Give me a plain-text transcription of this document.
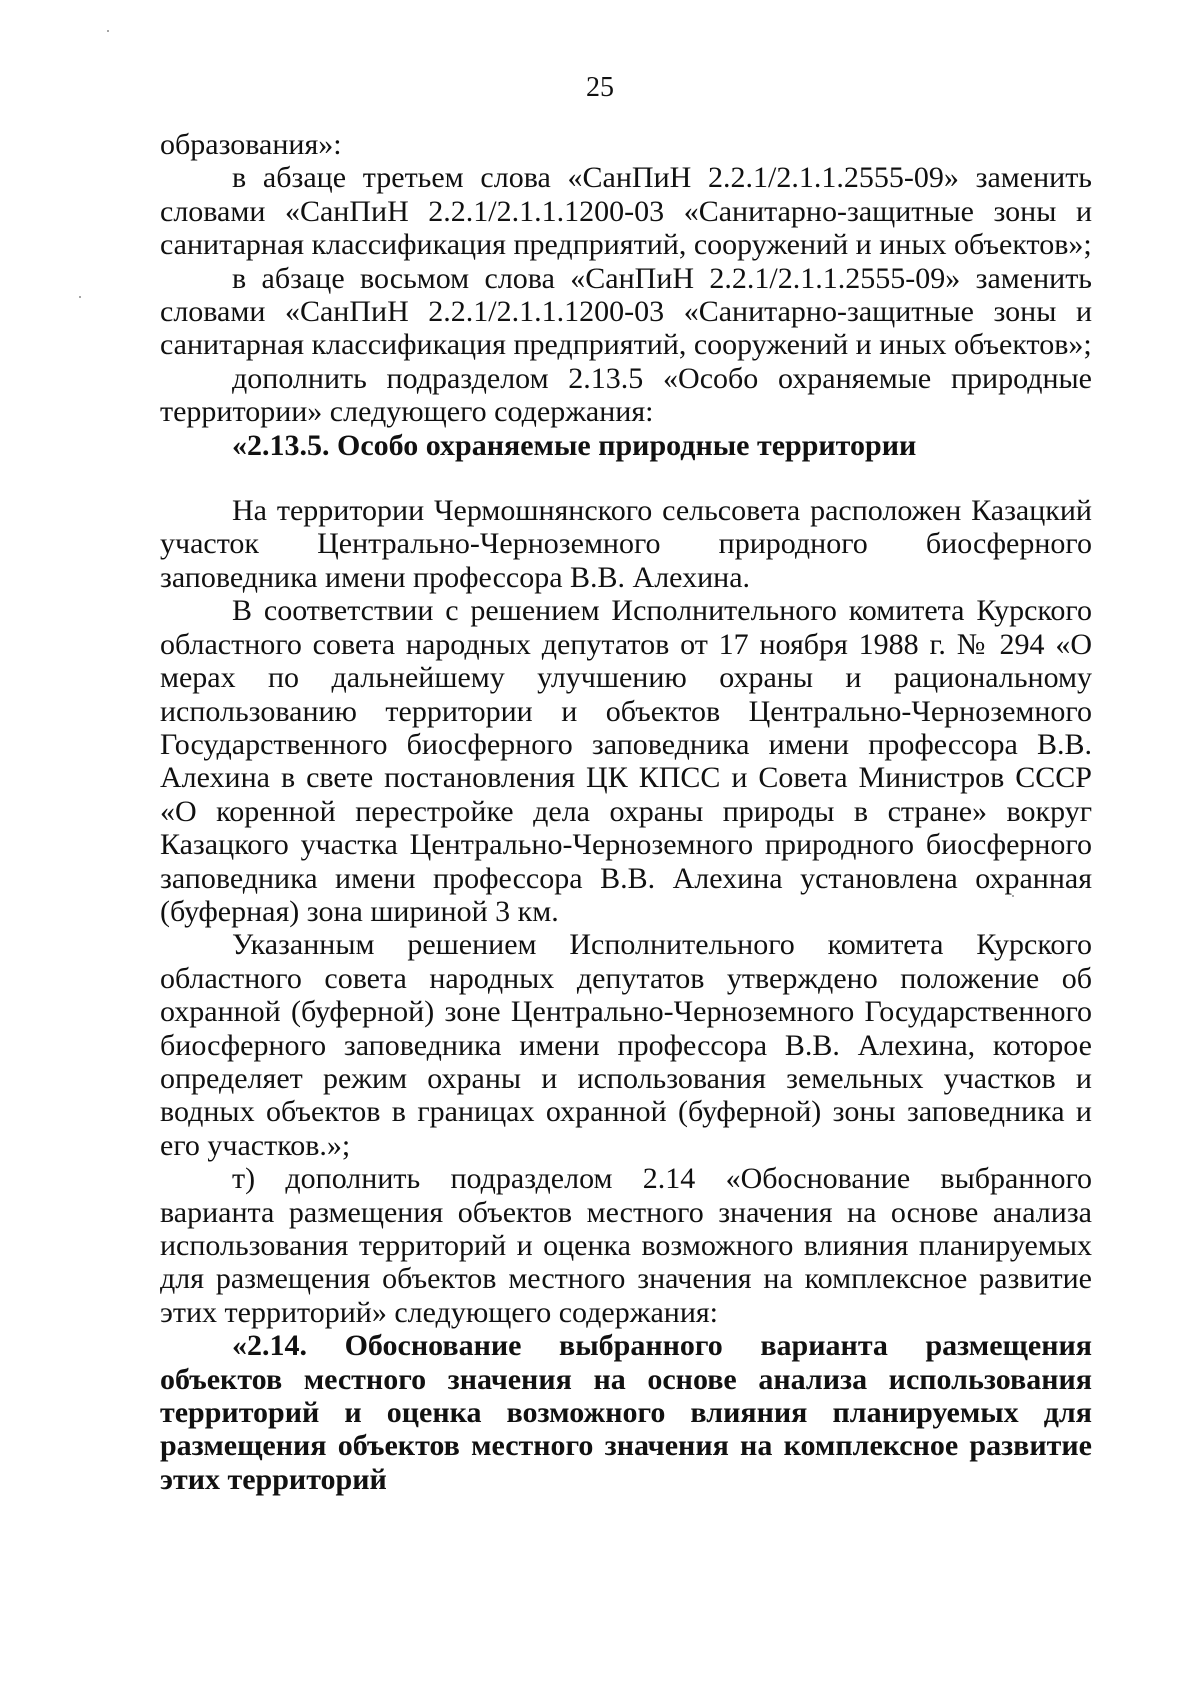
25

образования»:

в абзаце третьем слова «СанПиН 2.2.1/2.1.1.2555-09» заменить словами «СанПиН 2.2.1/2.1.1.1200-03 «Санитарно-защитные зоны и санитарная классификация предприятий, сооружений и иных объектов»;

в абзаце восьмом слова «СанПиН 2.2.1/2.1.1.2555-09» заменить словами «СанПиН 2.2.1/2.1.1.1200-03 «Санитарно-защитные зоны и санитарная классификация предприятий, сооружений и иных объектов»;

дополнить подразделом 2.13.5 «Особо охраняемые природные территории» следующего содержания:

«2.13.5. Особо охраняемые природные территории

На территории Чермошнянского сельсовета расположен Казацкий участок Центрально-Черноземного природного биосферного заповедника имени профессора В.В. Алехина.

В соответствии с решением Исполнительного комитета Курского областного совета народных депутатов от 17 ноября 1988 г. № 294 «О мерах по дальнейшему улучшению охраны и рациональному использованию территории и объектов Центрально-Черноземного Государственного биосферного заповедника имени профессора В.В. Алехина в свете постановления ЦК КПСС и Совета Министров СССР «О коренной перестройке дела охраны природы в стране» вокруг Казацкого участка Центрально-Черноземного природного биосферного заповедника имени профессора В.В. Алехина установлена охранная (буферная) зона шириной 3 км.

Указанным решением Исполнительного комитета Курского областного совета народных депутатов утверждено положение об охранной (буферной) зоне Центрально-Черноземного Государственного биосферного заповедника имени профессора В.В. Алехина, которое определяет режим охраны и использования земельных участков и водных объектов в границах охранной (буферной) зоны заповедника и его участков.»;

т) дополнить подразделом 2.14 «Обоснование выбранного варианта размещения объектов местного значения на основе анализа использования территорий и оценка возможного влияния планируемых для размещения объектов местного значения на комплексное развитие этих территорий» следующего содержания:

«2.14. Обоснование выбранного варианта размещения объектов местного значения на основе анализа использования территорий и оценка возможного влияния планируемых для размещения объектов местного значения на комплексное развитие этих территорий
